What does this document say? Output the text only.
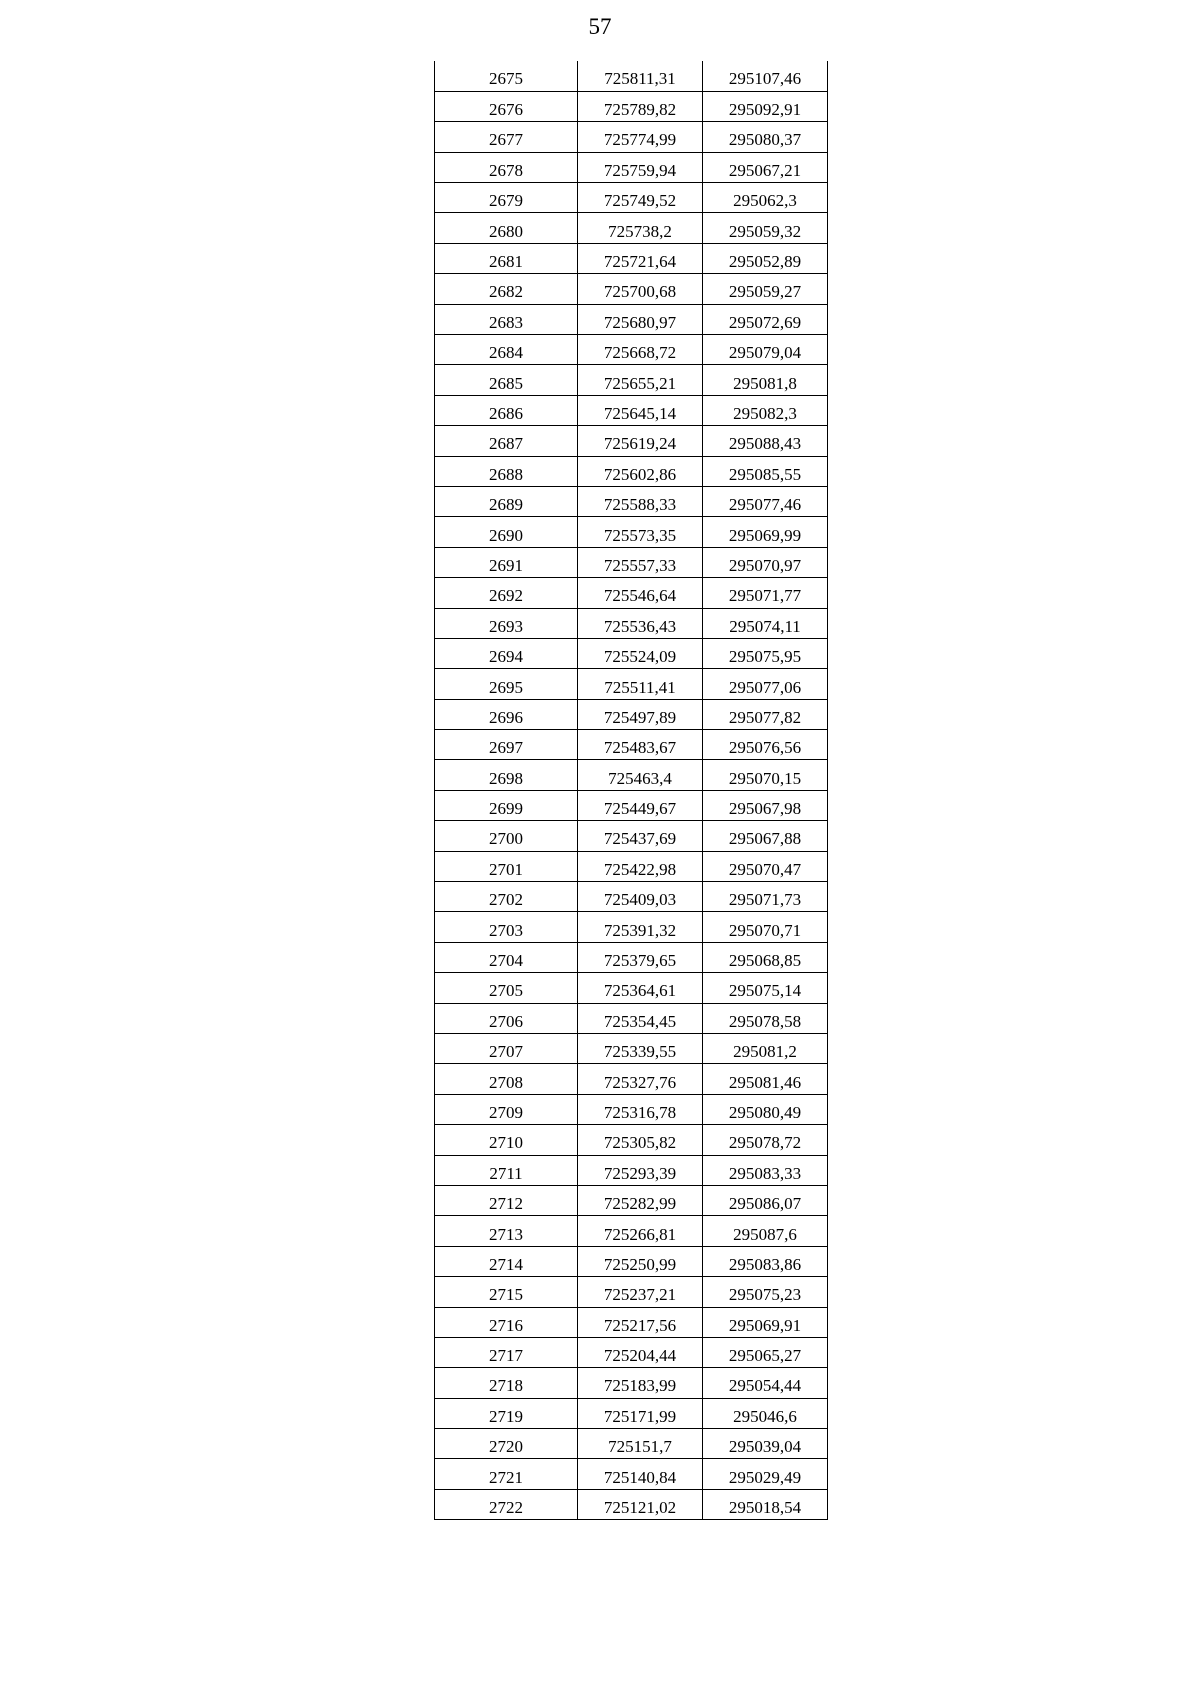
57
2675	725811,31	295107,46
2676	725789,82	295092,91
2677	725774,99	295080,37
2678	725759,94	295067,21
2679	725749,52	295062,3
2680	725738,2	295059,32
2681	725721,64	295052,89
2682	725700,68	295059,27
2683	725680,97	295072,69
2684	725668,72	295079,04
2685	725655,21	295081,8
2686	725645,14	295082,3
2687	725619,24	295088,43
2688	725602,86	295085,55
2689	725588,33	295077,46
2690	725573,35	295069,99
2691	725557,33	295070,97
2692	725546,64	295071,77
2693	725536,43	295074,11
2694	725524,09	295075,95
2695	725511,41	295077,06
2696	725497,89	295077,82
2697	725483,67	295076,56
2698	725463,4	295070,15
2699	725449,67	295067,98
2700	725437,69	295067,88
2701	725422,98	295070,47
2702	725409,03	295071,73
2703	725391,32	295070,71
2704	725379,65	295068,85
2705	725364,61	295075,14
2706	725354,45	295078,58
2707	725339,55	295081,2
2708	725327,76	295081,46
2709	725316,78	295080,49
2710	725305,82	295078,72
2711	725293,39	295083,33
2712	725282,99	295086,07
2713	725266,81	295087,6
2714	725250,99	295083,86
2715	725237,21	295075,23
2716	725217,56	295069,91
2717	725204,44	295065,27
2718	725183,99	295054,44
2719	725171,99	295046,6
2720	725151,7	295039,04
2721	725140,84	295029,49
2722	725121,02	295018,54
